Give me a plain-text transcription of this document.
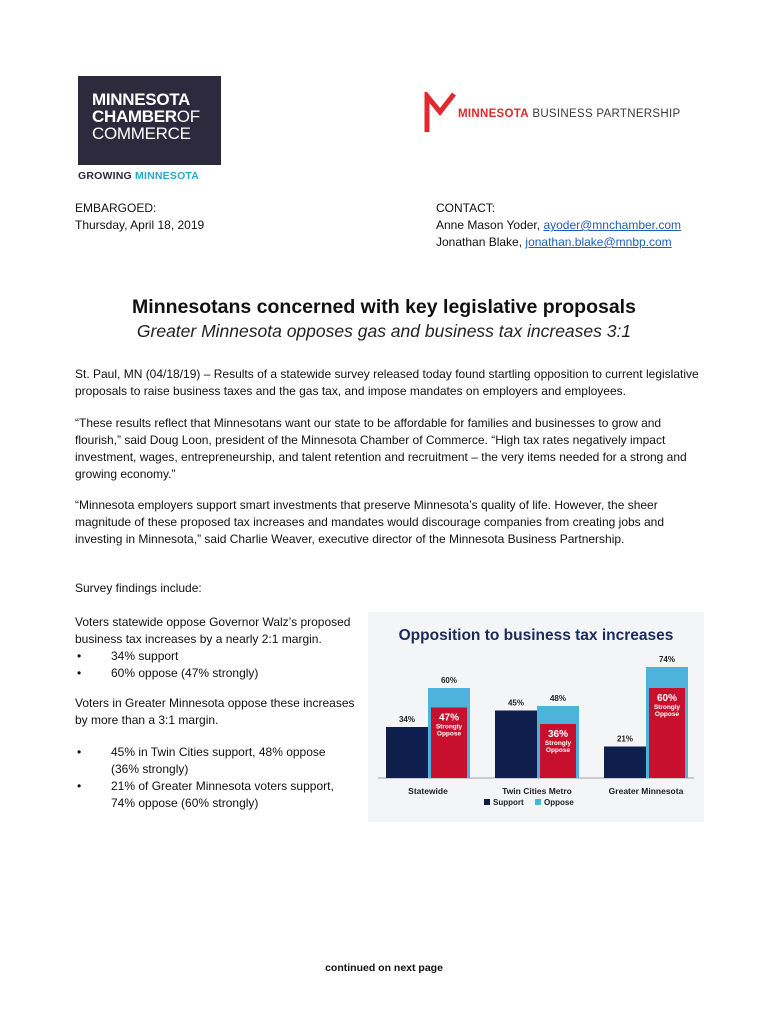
MINNESOTA
CHAMBEROF
COMMERCE
GROWING MINNESOTA
MINNESOTA BUSINESS PARTNERSHIP
EMBARGOED:
Thursday, April 18, 2019
CONTACT:
Anne Mason Yoder, ayoder@mnchamber.com
Jonathan Blake, jonathan.blake@mnbp.com
Minnesotans concerned with key legislative proposals
Greater Minnesota opposes gas and business tax increases 3:1

St. Paul, MN (04/18/19) – Results of a statewide survey released today found startling opposition to current legislative proposals to raise business taxes and the gas tax, and impose mandates on employers and employees.

“These results reflect that Minnesotans want our state to be affordable for families and businesses to grow and flourish,” said Doug Loon, president of the Minnesota Chamber of Commerce. “High tax rates negatively impact investment, wages, entrepreneurship, and talent retention and recruitment – the very items needed for a strong and growing economy.”

“Minnesota employers support smart investments that preserve Minnesota’s quality of life. However, the sheer magnitude of these proposed tax increases and mandates would discourage companies from creating jobs and investing in Minnesota,” said Charlie Weaver, executive director of the Minnesota Business Partnership.

Survey findings include:
Voters statewide oppose Governor Walz’s proposed business tax increases by a nearly 2:1 margin.
• 34% support
• 60% oppose (47% strongly)
Voters in Greater Minnesota oppose these increases by more than a 3:1 margin.
• 45% in Twin Cities support, 48% oppose (36% strongly)
• 21% of Greater Minnesota voters support, 74% oppose (60% strongly)
Opposition to business tax increases
34%
60%
47%
Strongly
Oppose
Statewide
45%	48%
36%
Strongly
Oppose
Twin Cities Metro
21%
74%
60%
Strongly
Oppose
Greater Minnesota
Support	Oppose
continued on next page
